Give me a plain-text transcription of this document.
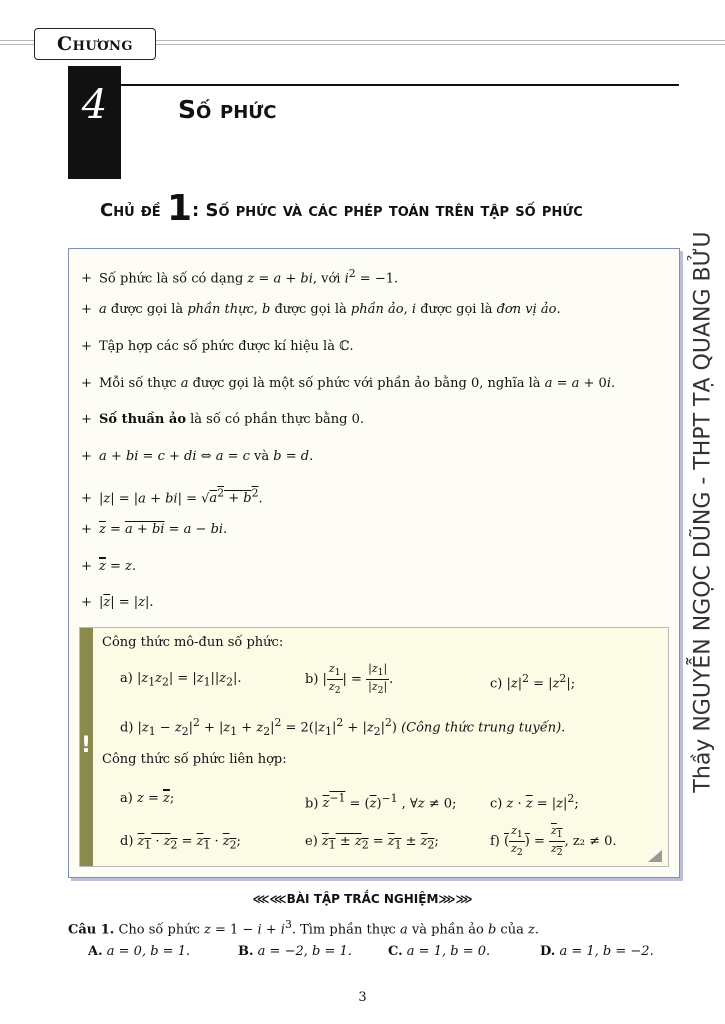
Chương
4	Số phức
Chủ đề 1: Số phức và các phép toán trên tập số phức
Thầy NGUYỄN NGỌC DŨNG - THPT TẠ QUANG BỬU
+ Số phức là số có dạng z = a + bi, với $i^2 = -1$.
+ a được gọi là phần thực, b được gọi là phần ảo, i được gọi là đơn vị ảo.
+ Tập hợp các số phức được kí hiệu là ℂ.
+ Mỗi số thực a được gọi là một số phức với phần ảo bằng 0, nghĩa là a = a + 0i.
+ Số thuần ảo là số có phần thực bằng 0.
+ a + bi = c + di ⇔ a = c và b = d.
+ $|z| = |a + bi| = √a^2 + b^2$.
+ $\overline{z} = a$ + bi = a − bi.
+ $\overline{z} = z$.
+ $|\overline{z}| = |z|$.
!
Công thức mô-đun số phức:
a) $|z_1z_2| = |z_1||z_2|$.	b) | $\frac{z_1}{z_2}$ | = $\frac{|z_1|}{|z_2|}$ .	c) $|z|^2 = |z^2|$;
d) $|z_1 - z_2|^2 + |z_1 + z_2|^2 = 2(|z_1|^2 + |z_2|^2)$ (Công thức trung tuyến).
Công thức số phức liên hợp:
a) $z = \overline{z}$;	b) $z^{-1} = (\overline{z})^{-1}$ , ∀z ≠ 0;	c) $z \cdot \overline{z} = |z|^2$;
d) $z_1 \cdot z_2 = z_1 \cdot z_2$;	e) $z_1 \pm z_2 = z_1 \pm z_2$;	f) ( $\frac{z_1}{z_2}$ ) = $\frac{z_1}{z_2}$ , z₂ ≠ 0.
⋘⋘BÀI TẬP TRẮC NGHIỆM⋙⋙
Câu 1. Cho số phức $z = 1 - i + i^3$. Tìm phần thực a và phần ảo b của z.
A. a = 0, b = 1.	B. a = −2, b = 1.	C. a = 1, b = 0.	D. a = 1, b = −2.
3
